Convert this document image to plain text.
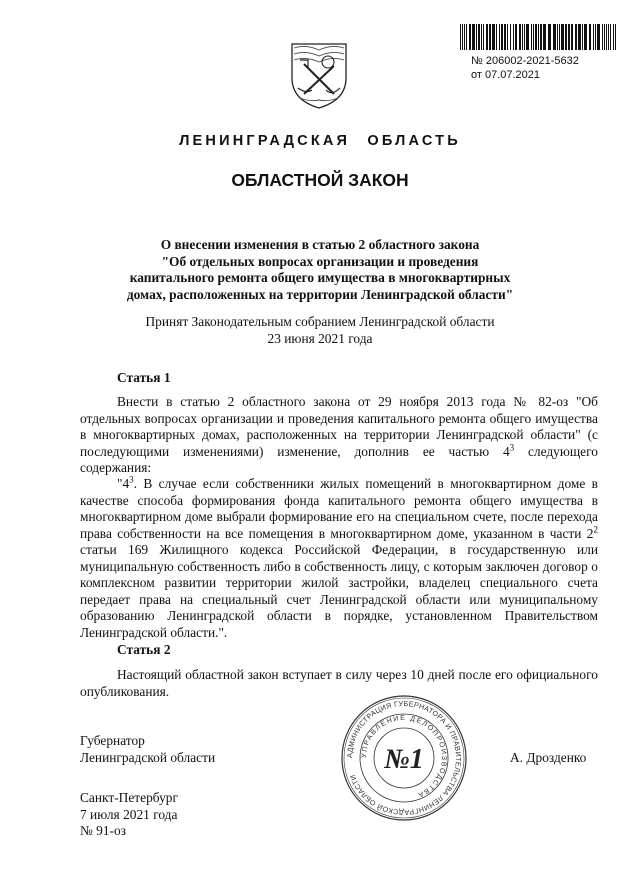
№ 206002-2021-5632
от 07.07.2021
ЛЕНИНГРАДСКАЯ ОБЛАСТЬ
ОБЛАСТНОЙ ЗАКОН
О внесении изменения в статью 2 областного закона
"Об отдельных вопросах организации и проведения
капитального ремонта общего имущества в многоквартирных
домах, расположенных на территории Ленинградской области"
Принят Законодательным собранием Ленинградской области
23 июня 2021 года
Статья 1
Внести в статью 2 областного закона от 29 ноября 2013 года № 82-оз "Об отдельных вопросах организации и проведения капитального ремонта общего имущества в многоквартирных домах, расположенных на территории Ленинградской области" (с последующими изменениями) изменение, дополнив ее частью $4^3$ следующего содержания:
"$4^3$. В случае если собственники жилых помещений в многоквартирном доме в качестве способа формирования фонда капитального ремонта общего имущества в многоквартирном доме выбрали формирование его на специальном счете, после перехода права собственности на все помещения в многоквартирном доме, указанном в части $2^2$ статьи 169 Жилищного кодекса Российской Федерации, в государственную или муниципальную собственность либо в собственность лицу, с которым заключен договор о комплексном развитии территории жилой застройки, владелец специального счета передает права на специальный счет Ленинградской области или муниципальному образованию Ленинградской области в порядке, установленном Правительством Ленинградской области.".
Статья 2
Настоящий областной закон вступает в силу через 10 дней после его официального опубликования.
Губернатор
Ленинградской области	А. Дрозденко
АДМИНИСТРАЦИЯ ГУБЕРНАТОРА И ПРАВИТЕЛЬСТВА ЛЕНИНГРАДСКОЙ ОБЛАСТИ
УПРАВЛЕНИЕ ДЕЛОПРОИЗВОДСТВА
№1
Санкт-Петербург
7 июля 2021 года
№ 91-оз
